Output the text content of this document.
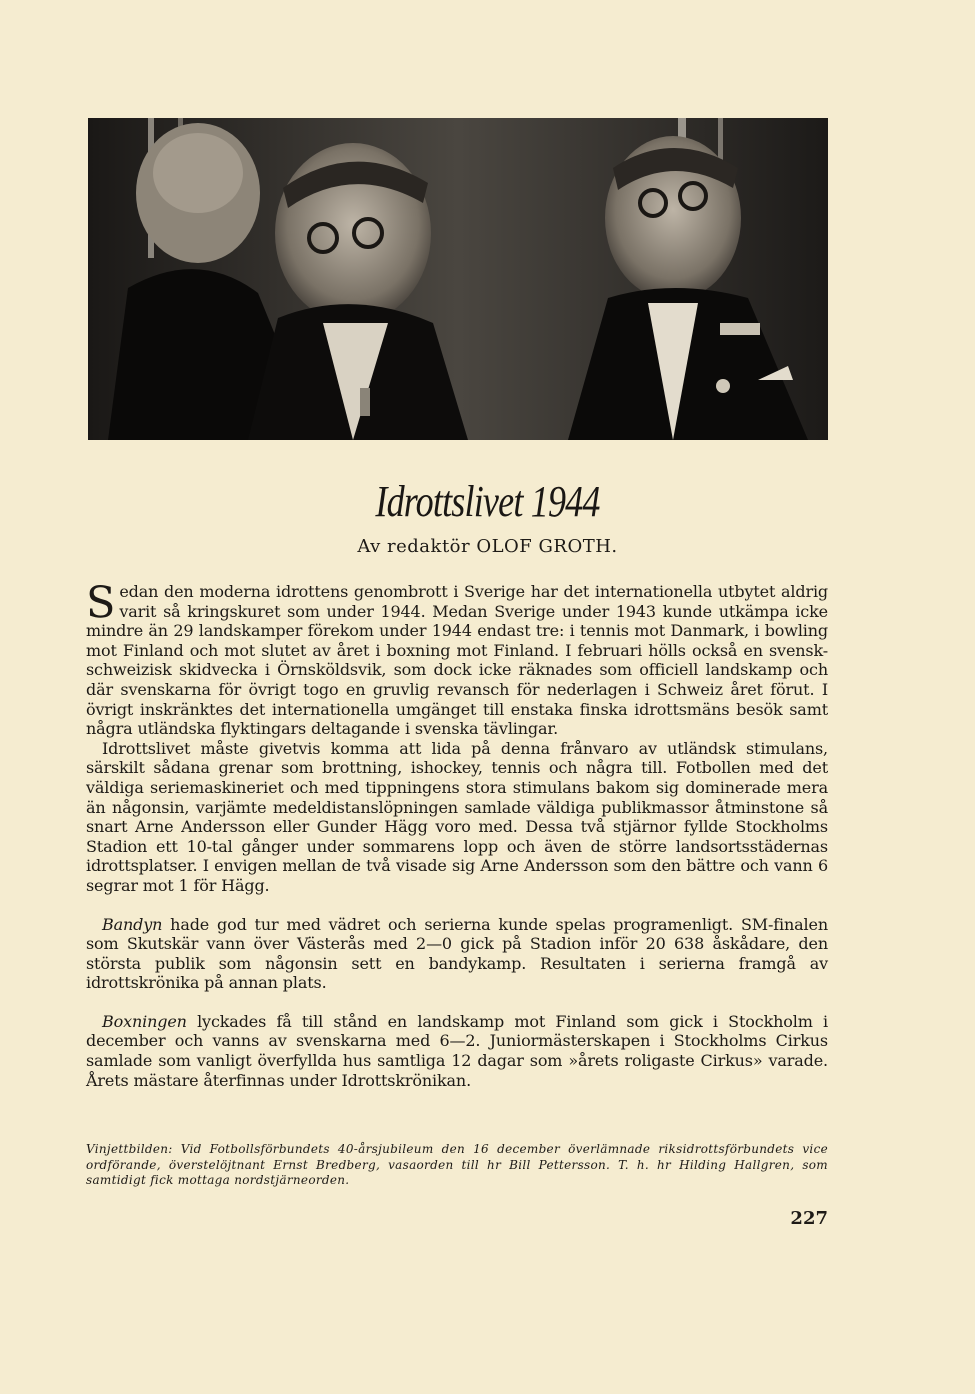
Idrottslivet 1944
Av redaktör OLOF GROTH.

Sedan den moderna idrottens genombrott i Sverige har det internationella utbytet aldrig varit så kringskuret som under 1944. Medan Sverige under 1943 kunde utkämpa icke mindre än 29 landskamper förekom under 1944 endast tre: i tennis mot Danmark, i bowling mot Finland och mot slutet av året i boxning mot Finland. I februari hölls också en svensk-schweizisk skidvecka i Örnsköldsvik, som dock icke räknades som officiell landskamp och där svenskarna för övrigt togo en gruvlig revansch för nederlagen i Schweiz året förut. I övrigt inskränktes det internationella umgänget till enstaka finska idrottsmäns besök samt några utländska flyktingars deltagande i svenska tävlingar.

Idrottslivet måste givetvis komma att lida på denna frånvaro av utländsk stimulans, särskilt sådana grenar som brottning, ishockey, tennis och några till. Fotbollen med det väldiga seriemaskineriet och med tippningens stora stimulans bakom sig dominerade mera än någonsin, varjämte medeldistanslöpningen samlade väldiga publikmassor åtminstone så snart Arne Andersson eller Gunder Hägg voro med. Dessa två stjärnor fyllde Stockholms Stadion ett 10-tal gånger under sommarens lopp och även de större landsortsstädernas idrottsplatser. I envigen mellan de två visade sig Arne Andersson som den bättre och vann 6 segrar mot 1 för Hägg.

Bandyn hade god tur med vädret och serierna kunde spelas programenligt. SM-finalen som Skutskär vann över Västerås med 2—0 gick på Stadion inför 20 638 åskådare, den största publik som någonsin sett en bandykamp. Resultaten i serierna framgå av idrottskrönika på annan plats.

Boxningen lyckades få till stånd en landskamp mot Finland som gick i Stockholm i december och vanns av svenskarna med 6—2. Juniormästerskapen i Stockholms Cirkus samlade som vanligt överfyllda hus samtliga 12 dagar som »årets roligaste Cirkus» varade. Årets mästare återfinnas under Idrottskrönikan.

Vinjettbilden: Vid Fotbollsförbundets 40-årsjubileum den 16 december överlämnade riksidrottsförbundets vice ordförande, överstelöjtnant Ernst Bredberg, vasaorden till hr Bill Pettersson. T. h. hr Hilding Hallgren, som samtidigt fick mottaga nordstjärneorden.
227
